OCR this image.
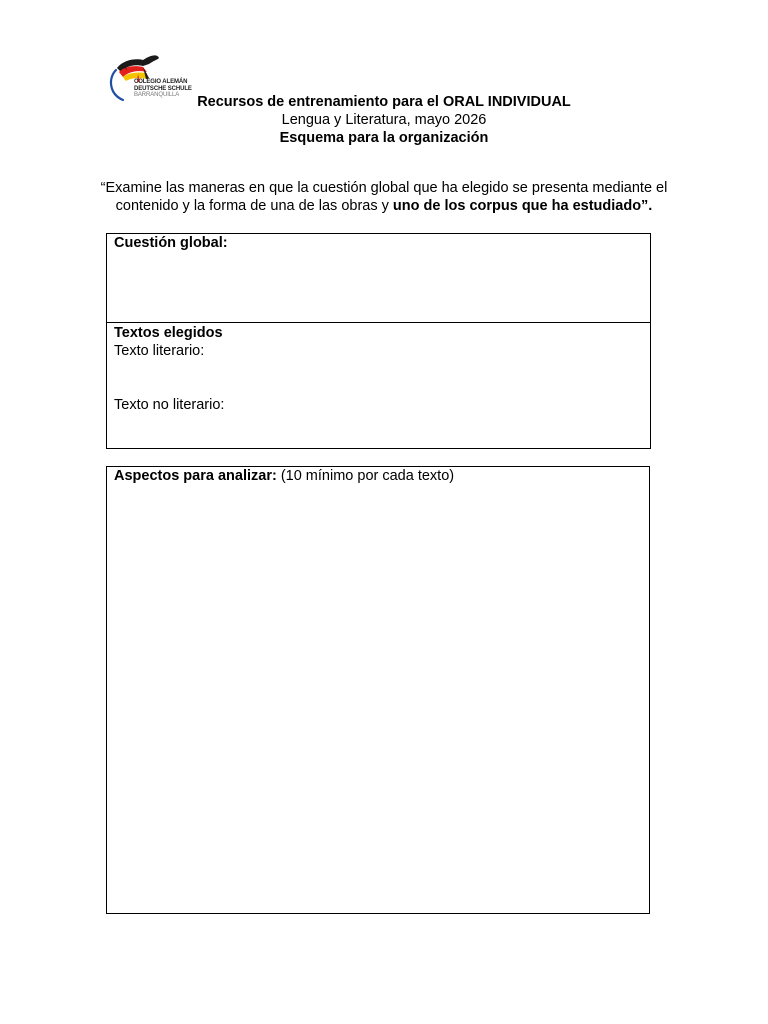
COLEGIO ALEMÁN
DEUTSCHE SCHULE
BARRANQUILLA	Recursos de entrenamiento para el ORAL INDIVIDUAL
Lengua y Literatura, mayo 2026
Esquema para la organización
“Examine las maneras en que la cuestión global que ha elegido se presenta mediante el contenido y la forma de una de las obras y uno de los corpus que ha estudiado”.
Cuestión global:
Textos elegidos
Texto literario:
Texto no literario:
Aspectos para analizar: (10 mínimo por cada texto)
